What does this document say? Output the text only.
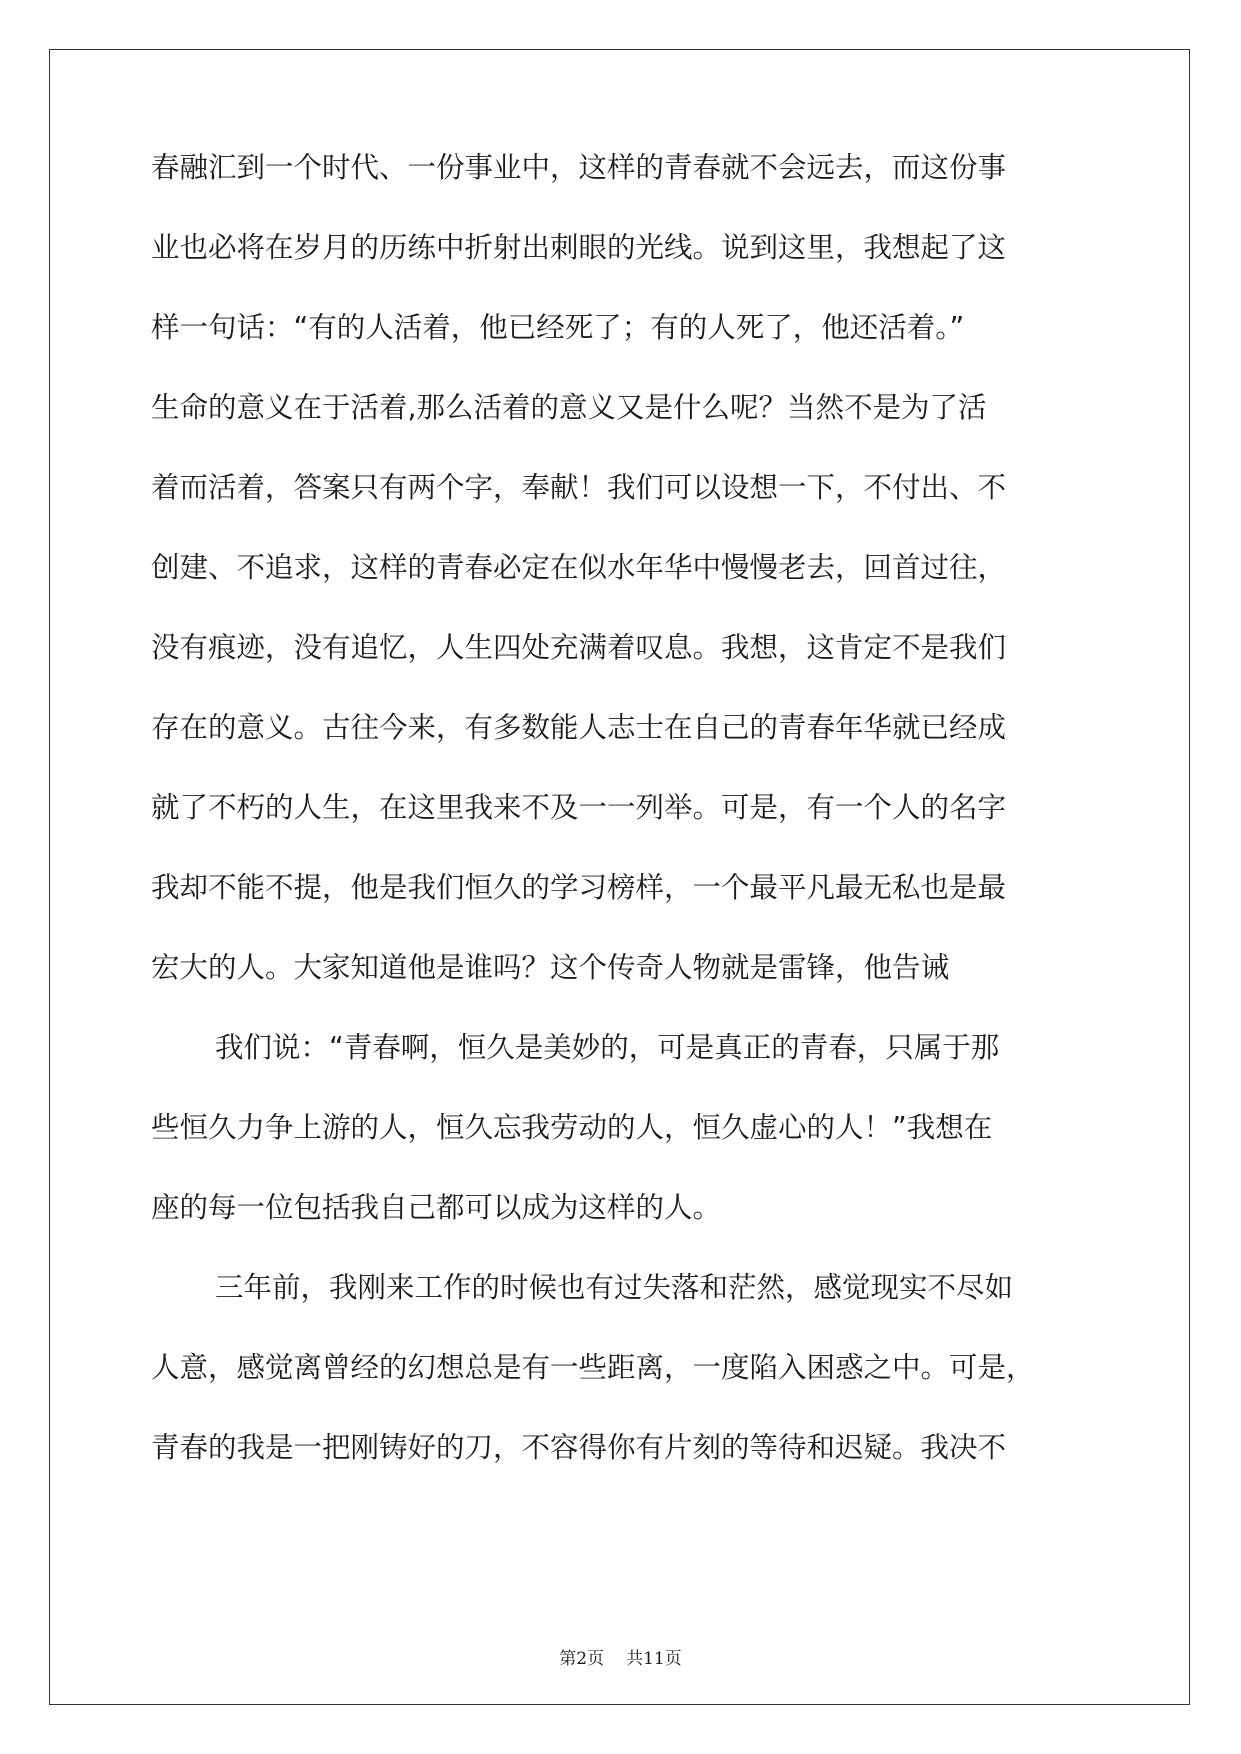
春融汇到一个时代、一份事业中，这样的青春就不会远去，而这份事

业也必将在岁月的历练中折射出刺眼的光线。说到这里，我想起了这

样一句话：“有的人活着，他已经死了；有的人死了，他还活着。”

生命的意义在于活着,那么活着的意义又是什么呢？当然不是为了活

着而活着，答案只有两个字，奉献！我们可以设想一下，不付出、不

创建、不追求，这样的青春必定在似水年华中慢慢老去，回首过往，

没有痕迹，没有追忆，人生四处充满着叹息。我想，这肯定不是我们

存在的意义。古往今来，有多数能人志士在自己的青春年华就已经成

就了不朽的人生，在这里我来不及一一列举。可是，有一个人的名字

我却不能不提，他是我们恒久的学习榜样，一个最平凡最无私也是最

宏大的人。大家知道他是谁吗？这个传奇人物就是雷锋，他告诫

我们说：“青春啊，恒久是美妙的，可是真正的青春，只属于那

些恒久力争上游的人，恒久忘我劳动的人，恒久虚心的人！”我想在

座的每一位包括我自己都可以成为这样的人。

三年前，我刚来工作的时候也有过失落和茫然，感觉现实不尽如

人意，感觉离曾经的幻想总是有一些距离，一度陷入困惑之中。可是，

青春的我是一把刚铸好的刀，不容得你有片刻的等待和迟疑。我决不

第2页 共11页
